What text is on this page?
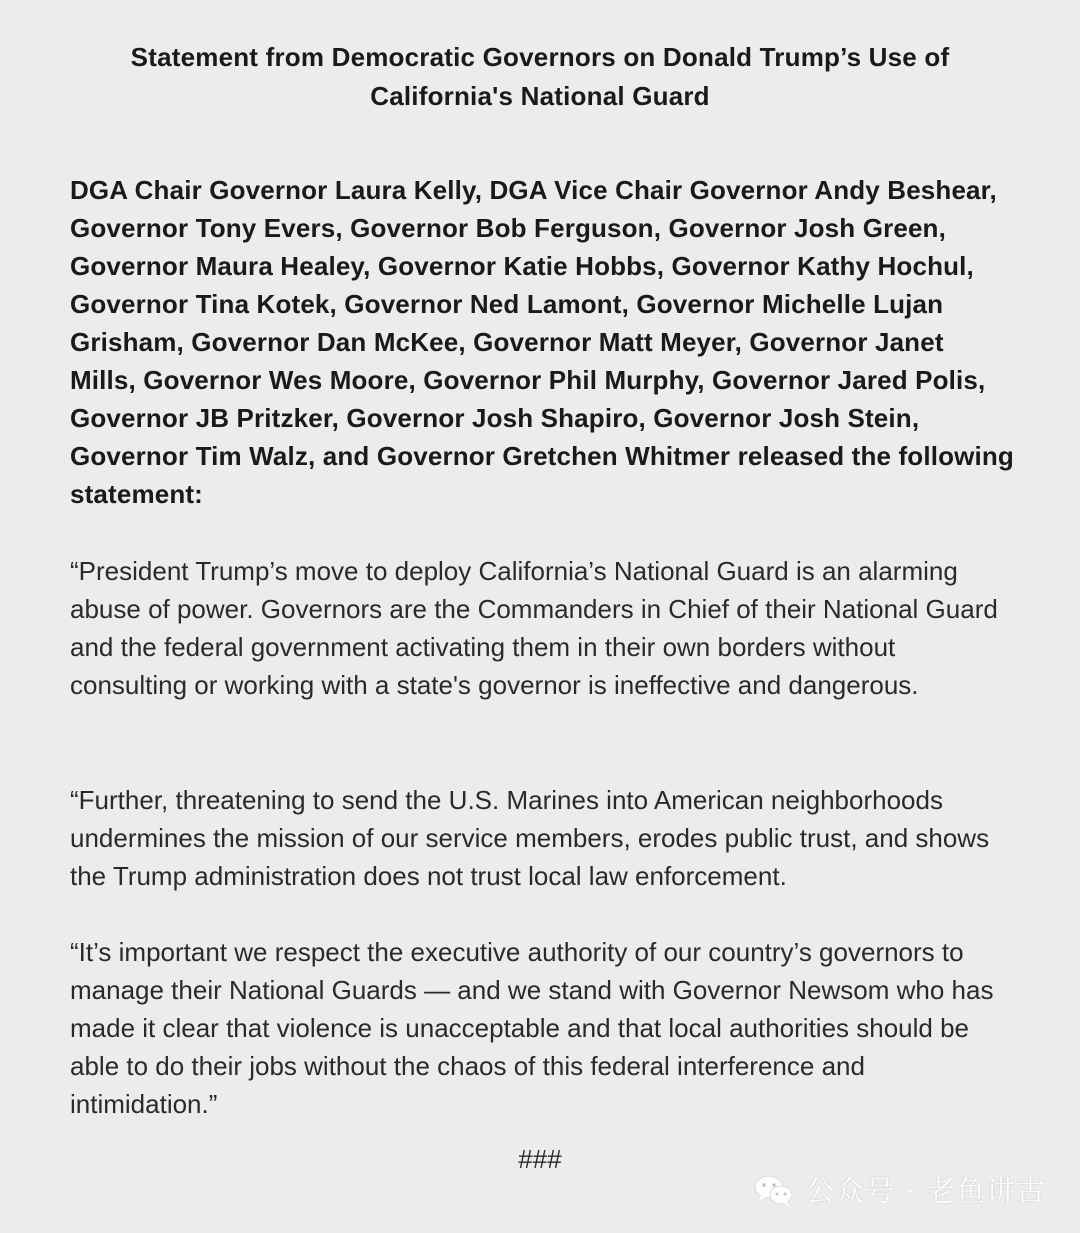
Statement from Democratic Governors on Donald Trump’s Use of California's National Guard

DGA Chair Governor Laura Kelly, DGA Vice Chair Governor Andy Beshear, Governor Tony Evers, Governor Bob Ferguson, Governor Josh Green, Governor Maura Healey, Governor Katie Hobbs, Governor Kathy Hochul, Governor Tina Kotek, Governor Ned Lamont, Governor Michelle Lujan Grisham, Governor Dan McKee, Governor Matt Meyer, Governor Janet Mills, Governor Wes Moore, Governor Phil Murphy, Governor Jared Polis, Governor JB Pritzker, Governor Josh Shapiro, Governor Josh Stein, Governor Tim Walz, and Governor Gretchen Whitmer released the following statement:

“President Trump’s move to deploy California’s National Guard is an alarming abuse of power. Governors are the Commanders in Chief of their National Guard and the federal government activating them in their own borders without consulting or working with a state's governor is ineffective and dangerous.

“Further, threatening to send the U.S. Marines into American neighborhoods undermines the mission of our service members, erodes public trust, and shows the Trump administration does not trust local law enforcement.

“It’s important we respect the executive authority of our country’s governors to manage their National Guards — and we stand with Governor Newsom who has made it clear that violence is unacceptable and that local authorities should be able to do their jobs without the chaos of this federal interference and intimidation.”

###
公众号 · 老鱼讲古
